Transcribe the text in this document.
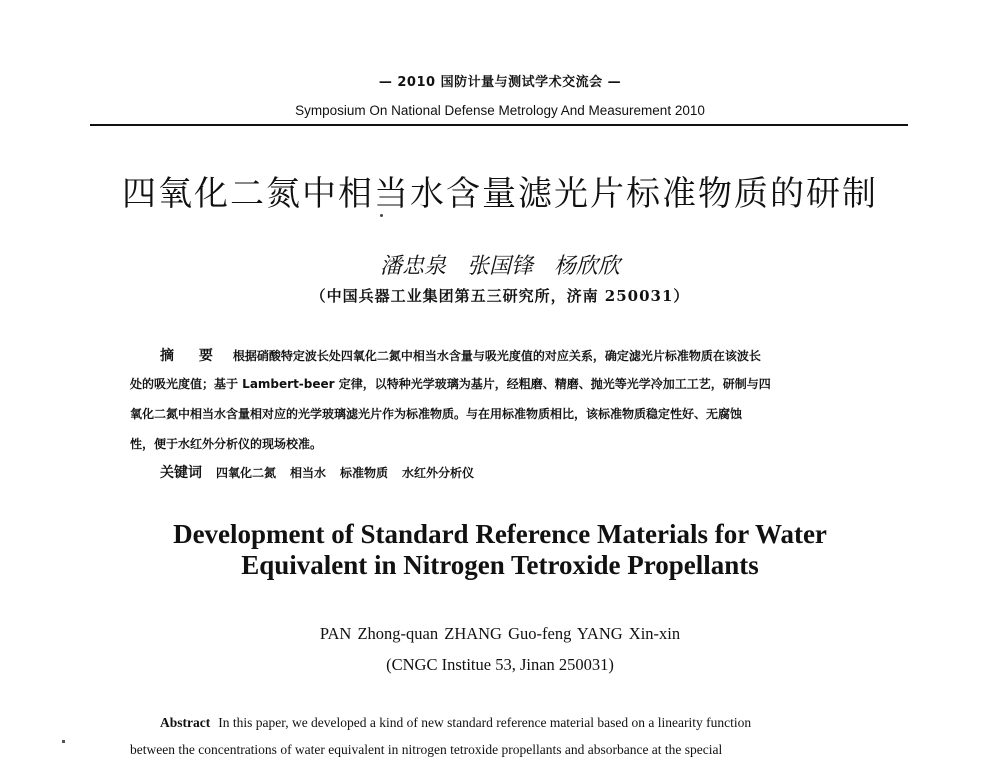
— 2010 国防计量与测试学术交流会 —
Symposium On National Defense Metrology And Measurement 2010
四氧化二氮中相当水含量滤光片标准物质的研制
潘忠泉 张国锋 杨欣欣
（中国兵器工业集团第五三研究所，济南 250031）
摘 要 根据硝酸特定波长处四氧化二氮中相当水含量与吸光度值的对应关系，确定滤光片标准物质在该波长
处的吸光度值；基于 Lambert-beer 定律，以特种光学玻璃为基片，经粗磨、精磨、抛光等光学冷加工工艺，研制与四
氧化二氮中相当水含量相对应的光学玻璃滤光片作为标准物质。与在用标准物质相比，该标准物质稳定性好、无腐蚀
性，便于水红外分析仪的现场校准。
关键词 四氧化二氮 相当水 标准物质 水红外分析仪
Development of Standard Reference Materials for Water
Equivalent in Nitrogen Tetroxide Propellants
PAN Zhong-quan ZHANG Guo-feng YANG Xin-xin
(CNGC Institue 53, Jinan 250031)
Abstract In this paper, we developed a kind of new standard reference material based on a linearity function
between the concentrations of water equivalent in nitrogen tetroxide propellants and absorbance at the special
